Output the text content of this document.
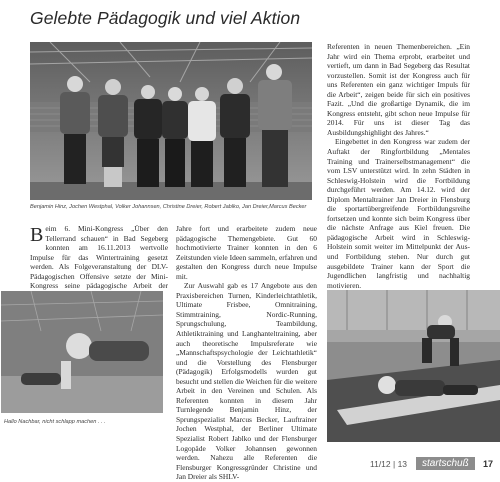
Gelebte Pädagogik und viel Aktion
Benjamin Hinz, Jochen Westphal, Volker Johannsen, Christine Dreier, Robert Jablko, Jan Dreier,Marcus Becker

Beim 6. Mini-Kongress „Über den Tellerrand schauen“ in Bad Segeberg konnten am 16.11.2013 wertvolle Impulse für das Wintertraining gesetzt werden. Als Folgeveranstaltung der DLV-Pädagogischen Offensive setzte der Mini-Kongress seine pädagogische Arbeit der

Hallo Nachbar, nicht schlapp machen . . .

Jahre fort und erarbeitete zudem neue pädagogische Themengebiete. Gut 60 hochmotivierte Trainer konnten in den 6 Zeitstunden viele Ideen sammeln, erfahren und gestalten den Kongress durch neue Impulse mit.

Zur Auswahl gab es 17 Angebote aus den Praxisbereichen Turnen, Kinderleichtathletik, Ultimate Frisbee, Omnitraining, Stimmtraining, Nordic-Running, Sprungschulung, Teambildung, Athletiktraining und Langhanteltraining, aber auch theoretische Impulsreferate wie „Mannschaftspsychologie der Leichtathletik“ und die Vorstellung des Flensburger (Pädagogik) Erfolgsmodells wurden gut besucht und stellen die Weichen für die weitere Arbeit in den Vereinen und Schulen. Als Referenten konnten in diesem Jahr Turnlegende Benjamin Hinz, der Sprungspezialist Marcus Becker, Lauftrainer Jochen Westphal, der Berliner Ultimate Spezialist Robert Jablko und der Flensburger Logopäde Volker Johannsen gewonnen werden. Nahezu alle Referenten die Flensburger Kongressgründer Christine und Jan Dreier als SHLV-

Referenten in neuen Themenbereichen. „Ein Jahr wird ein Thema erprobt, erarbeitet und vertieft, um dann in Bad Segeberg das Resultat vorzustellen. Somit ist der Kongress auch für uns Referenten ein ganz wichtiger Impuls für die Arbeit“, zeigen beide für sich ein positives Fazit. „Und die großartige Dynamik, die im Kongress entsteht, gibt schon neue Impulse für 2014. Für uns ist dieser Tag das Ausbildungshighlight des Jahres.“

Eingebettet in den Kongress war zudem der Auftakt der Ringfortbildung „Mentales Training und Trainerselbstmanagement“ die vom LSV unterstützt wird. In zehn Städten in Schleswig-Holstein wird die Fortbildung durchgeführt werden. Am 14.12. wird der Diplom Mentaltrainer Jan Dreier in Flensburg die sportartübergreifende Fortbildungsreihe fortsetzen und konnte sich beim Kongress über die nächste Anfrage aus Kiel freuen. Die pädagogische Arbeit wird in Schleswig-Holstein somit weiter im Mittelpunkt der Aus- und Fortbildung stehen. Nur durch gut ausgebildete Trainer kann der Sport die Jugendlichen langfristig und nachhaltig motivieren.

11/12 | 13	startschuß	17
